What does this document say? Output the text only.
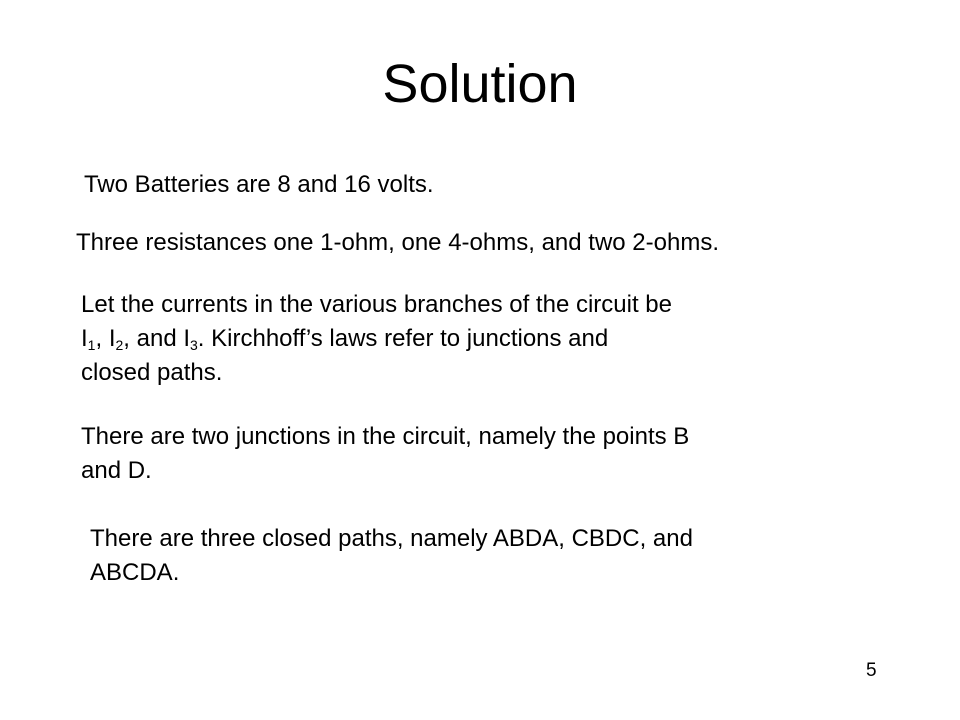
Solution

Two Batteries are 8 and 16 volts.

Three resistances one 1-ohm, one 4-ohms, and two 2-ohms.

Let the currents in the various branches of the circuit be
$I_1$, $I_2$, and $I_3$. Kirchhoff’s laws refer to junctions and
closed paths.
There are two junctions in the circuit, namely the points B
and D.
There are three closed paths, namely ABDA, CBDC, and
ABCDA.

5
